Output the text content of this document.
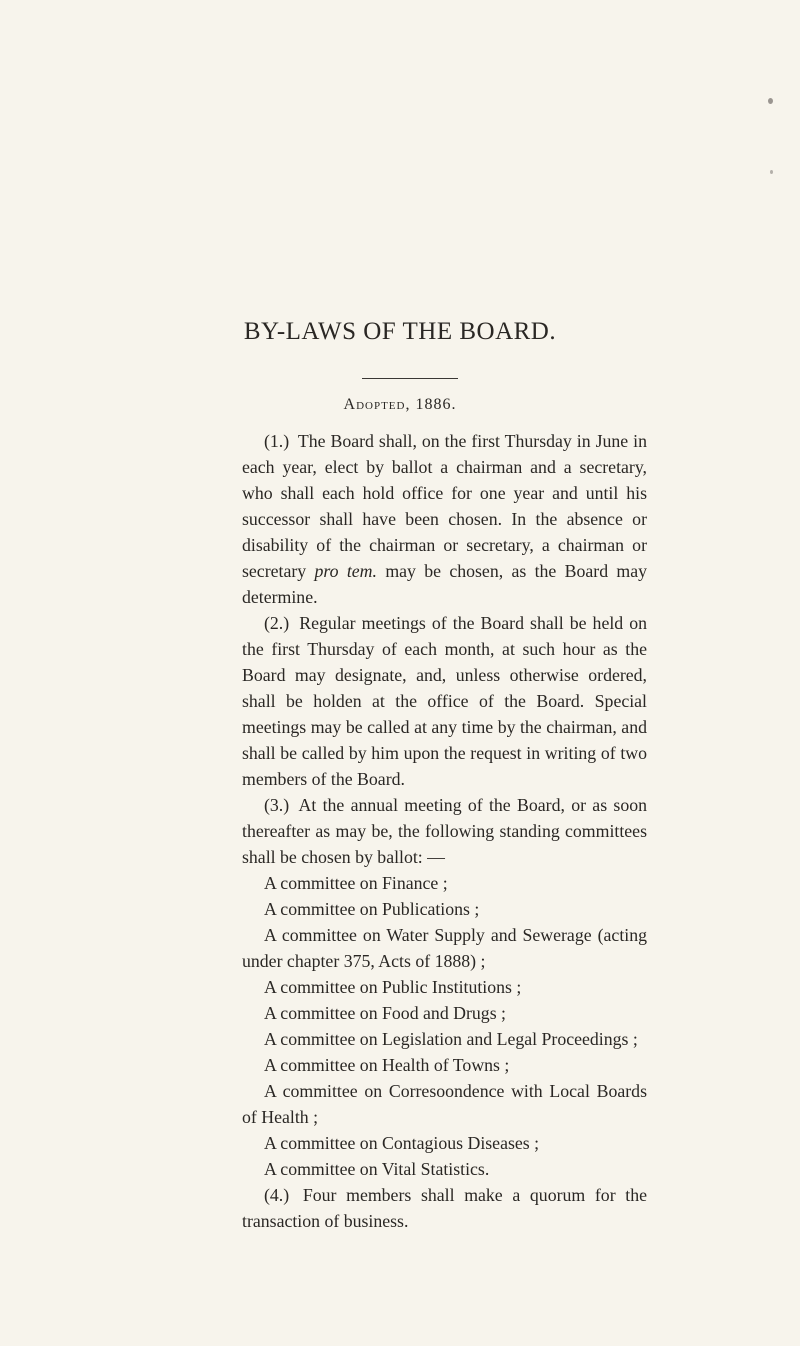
BY-LAWS OF THE BOARD.
Adopted, 1886.

(1.) The Board shall, on the first Thursday in June in each year, elect by ballot a chairman and a secretary, who shall each hold office for one year and until his successor shall have been chosen. In the absence or disability of the chairman or secretary, a chairman or secretary pro tem. may be chosen, as the Board may determine.

(2.) Regular meetings of the Board shall be held on the first Thursday of each month, at such hour as the Board may designate, and, unless otherwise ordered, shall be holden at the office of the Board. Special meetings may be called at any time by the chairman, and shall be called by him upon the request in writing of two members of the Board.

(3.) At the annual meeting of the Board, or as soon thereafter as may be, the following standing committees shall be chosen by ballot: —

A committee on Finance ;

A committee on Publications ;

A committee on Water Supply and Sewerage (acting under chapter 375, Acts of 1888) ;

A committee on Public Institutions ;

A committee on Food and Drugs ;

A committee on Legislation and Legal Proceedings ;

A committee on Health of Towns ;

A committee on Corresoondence with Local Boards of Health ;

A committee on Contagious Diseases ;

A committee on Vital Statistics.

(4.) Four members shall make a quorum for the transaction of business.
